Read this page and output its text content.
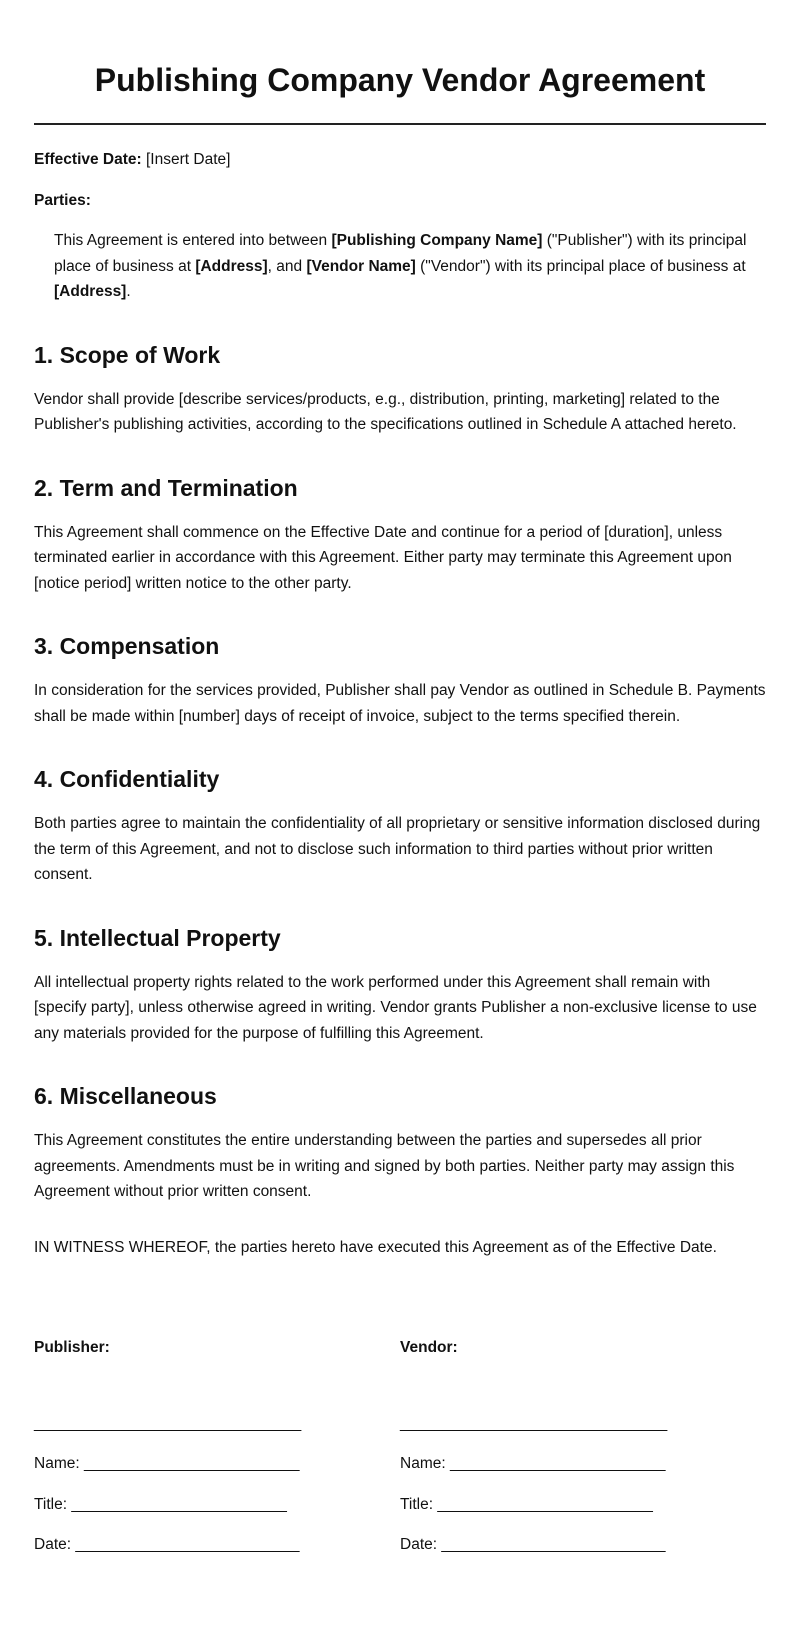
Publishing Company Vendor Agreement

Effective Date: [Insert Date]

Parties:

This Agreement is entered into between [Publishing Company Name] ("Publisher") with its principal place of business at [Address], and [Vendor Name] ("Vendor") with its principal place of business at [Address].

1. Scope of Work

Vendor shall provide [describe services/products, e.g., distribution, printing, marketing] related to the Publisher's publishing activities, according to the specifications outlined in Schedule A attached hereto.

2. Term and Termination

This Agreement shall commence on the Effective Date and continue for a period of [duration], unless terminated earlier in accordance with this Agreement. Either party may terminate this Agreement upon [notice period] written notice to the other party.

3. Compensation

In consideration for the services provided, Publisher shall pay Vendor as outlined in Schedule B. Payments shall be made within [number] days of receipt of invoice, subject to the terms specified therein.

4. Confidentiality

Both parties agree to maintain the confidentiality of all proprietary or sensitive information disclosed during the term of this Agreement, and not to disclose such information to third parties without prior written consent.

5. Intellectual Property

All intellectual property rights related to the work performed under this Agreement shall remain with [specify party], unless otherwise agreed in writing. Vendor grants Publisher a non-exclusive license to use any materials provided for the purpose of fulfilling this Agreement.

6. Miscellaneous

This Agreement constitutes the entire understanding between the parties and supersedes all prior agreements. Amendments must be in writing and signed by both parties. Neither party may assign this Agreement without prior written consent.

IN WITNESS WHEREOF, the parties hereto have executed this Agreement as of the Effective Date.

Publisher:

_______________________________

Name: _________________________

Title: _________________________

Date: __________________________

Vendor:

_______________________________

Name: _________________________

Title: _________________________

Date: __________________________
